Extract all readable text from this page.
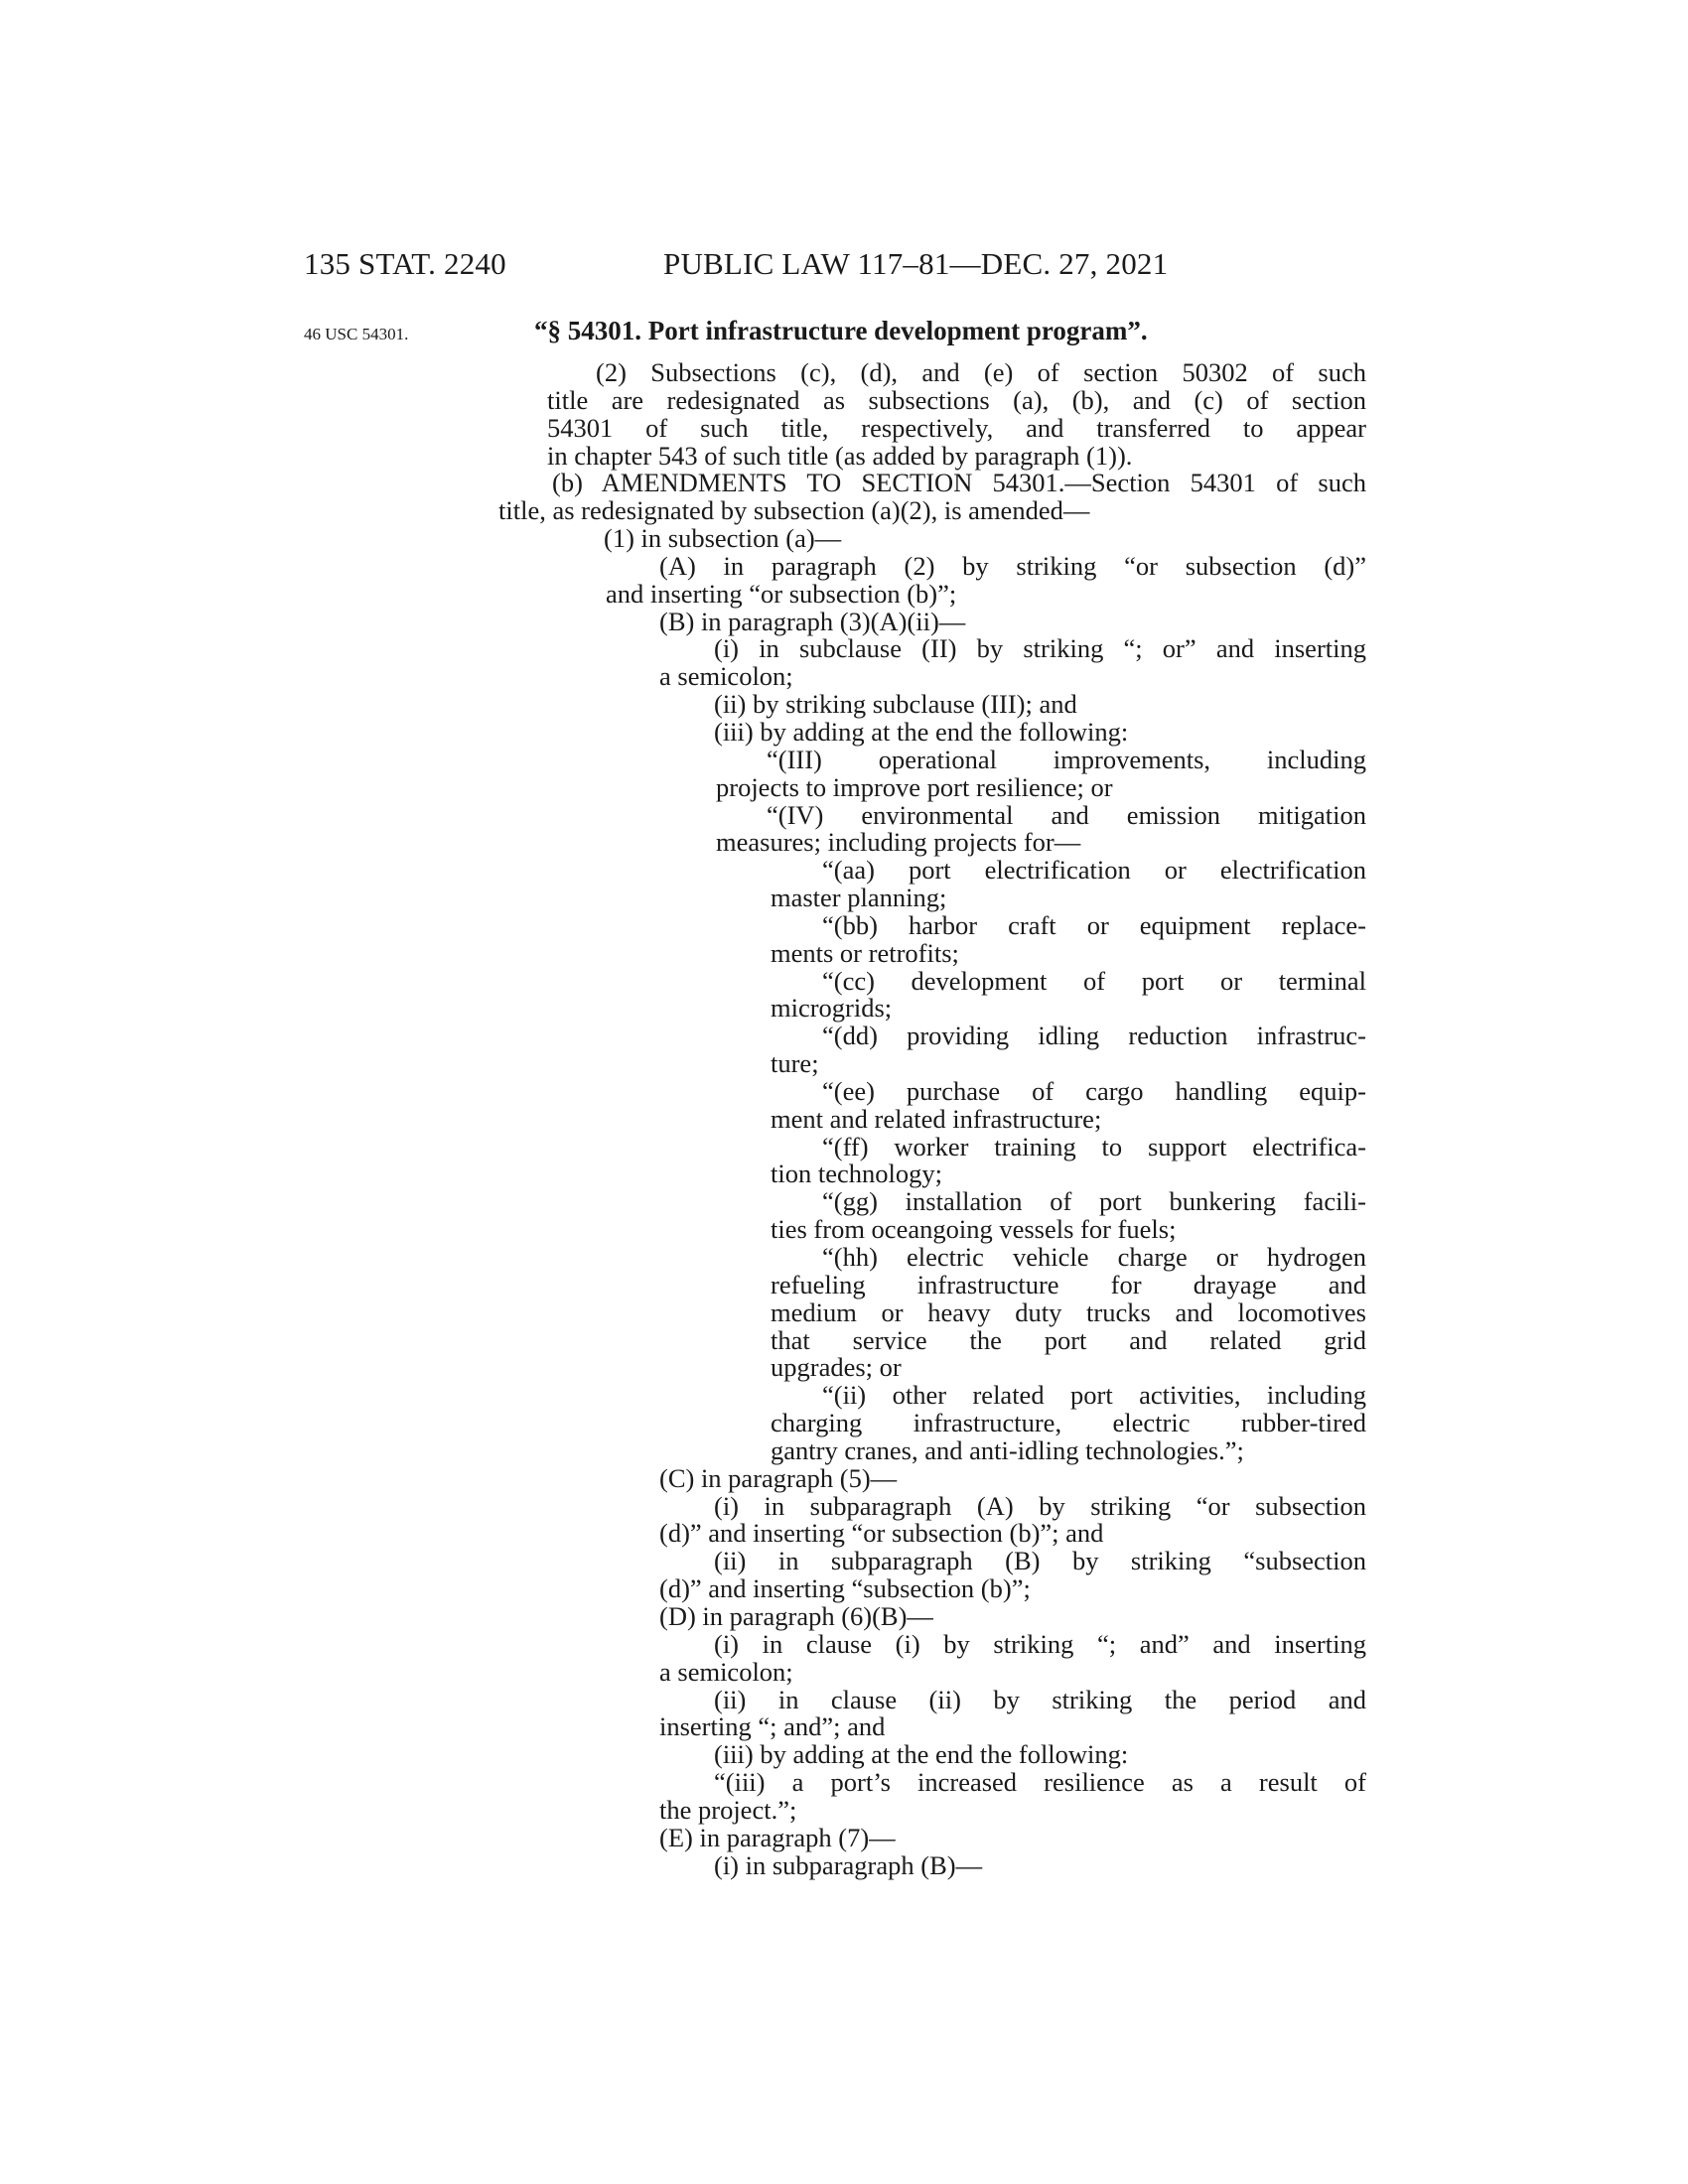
135 STAT. 2240	PUBLIC LAW 117–81—DEC. 27, 2021
46 USC 54301.	“§ 54301. Port infrastructure development program”.
(2) Subsections (c), (d), and (e) of section 50302 of such
title are redesignated as subsections (a), (b), and (c) of section
54301 of such title, respectively, and transferred to appear
in chapter 543 of such title (as added by paragraph (1)).
(b) AMENDMENTS TO SECTION 54301.—Section 54301 of such
title, as redesignated by subsection (a)(2), is amended—
(1) in subsection (a)—
(A) in paragraph (2) by striking “or subsection (d)”
and inserting “or subsection (b)”;
(B) in paragraph (3)(A)(ii)—
(i) in subclause (II) by striking “; or” and inserting
a semicolon;
(ii) by striking subclause (III); and
(iii) by adding at the end the following:
“(III) operational improvements, including
projects to improve port resilience; or
“(IV) environmental and emission mitigation
measures; including projects for—
“(aa) port electrification or electrification
master planning;
“(bb) harbor craft or equipment replace-
ments or retrofits;
“(cc) development of port or terminal
microgrids;
“(dd) providing idling reduction infrastruc-
ture;
“(ee) purchase of cargo handling equip-
ment and related infrastructure;
“(ff) worker training to support electrifica-
tion technology;
“(gg) installation of port bunkering facili-
ties from oceangoing vessels for fuels;
“(hh) electric vehicle charge or hydrogen
refueling infrastructure for drayage and
medium or heavy duty trucks and locomotives
that service the port and related grid
upgrades; or
“(ii) other related port activities, including
charging infrastructure, electric rubber-tired
gantry cranes, and anti-idling technologies.”;
(C) in paragraph (5)—
(i) in subparagraph (A) by striking “or subsection
(d)” and inserting “or subsection (b)”; and
(ii) in subparagraph (B) by striking “subsection
(d)” and inserting “subsection (b)”;
(D) in paragraph (6)(B)—
(i) in clause (i) by striking “; and” and inserting
a semicolon;
(ii) in clause (ii) by striking the period and
inserting “; and”; and
(iii) by adding at the end the following:
“(iii) a port’s increased resilience as a result of
the project.”;
(E) in paragraph (7)—
(i) in subparagraph (B)—
